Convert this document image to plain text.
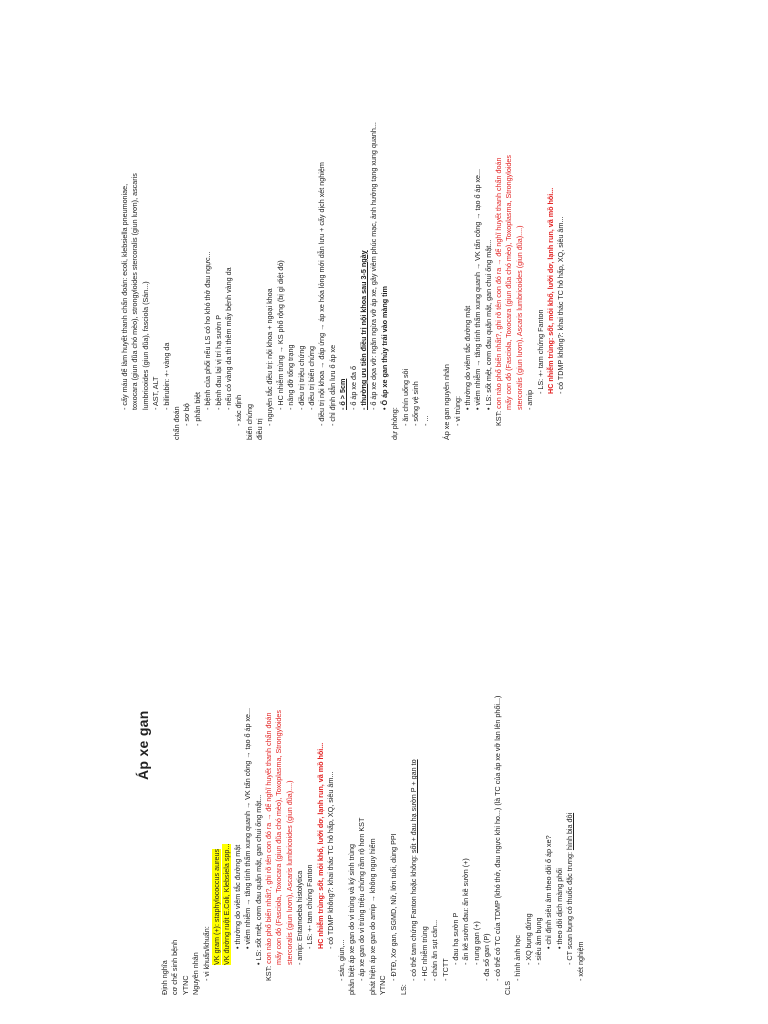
Áp xe gan
Định nghĩa cơ chế sinh bệnh YTNC Nguyên nhân - vi khuẩn/khuẩn: VK gram (+): staphylococcus aureus VK đường ruột E.Coli, Klebsiela spp... • thường do viêm tắc đường mật • viêm nhiễm → tăng tính thấm xung quanh → VK tấn công → tạo ổ áp xe... • LS: sốt mệt, cơm đau quặn mật, gan chui ống mật...
KST: con nào phổ biến nhất?, ghi rõ tên con đó ra → để nghĩ huyết thanh chẩn đoán mấy con đó (Fasciola, Toxocara (giun đũa chó mèo), Toxoplasma, Strongyloides stercoralis (giun lươn), Ascaris lumbricoides (giun đũa)....) - amip: Entamoeba histolytica - LS: +- tam chứng Fanton HC nhiễm trùng: sốt, mỏi khổ, lưỡi dơ, lạnh run, vã mồ hôi... - có TDMP không?: khai thác TC hô hấp, XQ, siêu âm...
- sán, giun,... phân biệt áp xe gan do vi trùng và ký sinh trùng - áp xe gan do vi trùng triệu chứng rầm rộ hơn KST phát hiện áp xe gan do amip → không nguy hiểm YTNC
- ĐTĐ, Xơ gan, SGMD, Nữ, lớn tuổi, dùng PPI
LS:
- có thể tam chứng Fanton hoặc không: sốt + đau hạ sườn P + gan to
- HC nhiễm trùng - chán ăn sụt cân... - TCTT
- đau hạ sườn P - ấn kẽ sườn đau: ấn kẽ sườn (+) - rung gan (+) - đa số gan (P) - có thể có TC của TDMP (khó thở, đau ngực khi ho...) (là TC của áp xe vỡ lan lên phổi...)
CLS
- hình ảnh học - XQ bụng đứng - siêu âm bụng • chỉ định siêu âm theo dõi ổ áp xe? • theo dõi dịch màng phổi - CT scan bụng có thuốc đặc trưng: hình bia đôi
- xét nghiệm
- cấy máu để làm huyết thanh chẩn đoán: ecoli, klebsiella pneumoniae, toxocara (giun đũa chó mèo), strongyloides stercoralis (giun lươn), ascaris lumbricoides (giun đũa), fasciola (Sán...) - AST, ALT - bilirubin: +- vàng da
chẩn đoán - sơ bộ - phân biệt
- bệnh của phổi nếu LS có ho khó thở đau ngực... - bệnh đau lại vị trí hạ sườn P - nếu có vàng da thì thêm mấy bệnh vàng da
- xác định biến chứng điều trị
- nguyên tắc điều trị: nội khoa + ngoại khoa - HC nhiễm trùng → KS phổ rộng (bị gì diệt đó) - nâng đỡ tổng trạng - điều trị triệu chứng - điều trị biến chứng - điều trị nội khoa → đáp ứng → áp xe hóa lỏng mới dẫn lưu + cấy dịch xét nghiệm - chỉ định dẫn lưu ổ áp xe - ổ > 5cm - ổ áp xe đa ổ - thường ưu tiên điều trị nội khoa sau 3-5 ngày - ổ áp xe dọa vỡ: ngăn ngừa vỡ áp xe, gây viêm phúc mạc, ảnh hưởng tạng xung quanh... • Ổ áp xe gan thủy trái vào màng tim
dự phòng:
- ăn chín uống sôi - sống vệ sinh - ... Áp xe gan nguyên nhân - vi trùng:
• thường do viêm tắc đường mật • viêm nhiễm → tăng tính thấm xung quanh → VK tấn công → tạo ổ áp xe... • LS: sốt mệt, cơm đau quặn mật, gan chui ống mật...
KST: con nào phổ biến nhất?, ghi rõ tên con đó ra → để nghĩ huyết thanh chẩn đoán mấy con đó (Fasciola, Toxocara (giun đũa chó mèo), Toxoplasma, Strongyloides stercoralis (giun lươn), Ascaris lumbricoides (giun đũa)....) - amip
- LS: +- tam chứng Fanton HC nhiễm trùng: sốt, mỏi khổ, lưỡi dơ, lạnh run, vã mồ hôi... - có TDMP không?: khai thác TC hô hấp, XQ, siêu âm...
